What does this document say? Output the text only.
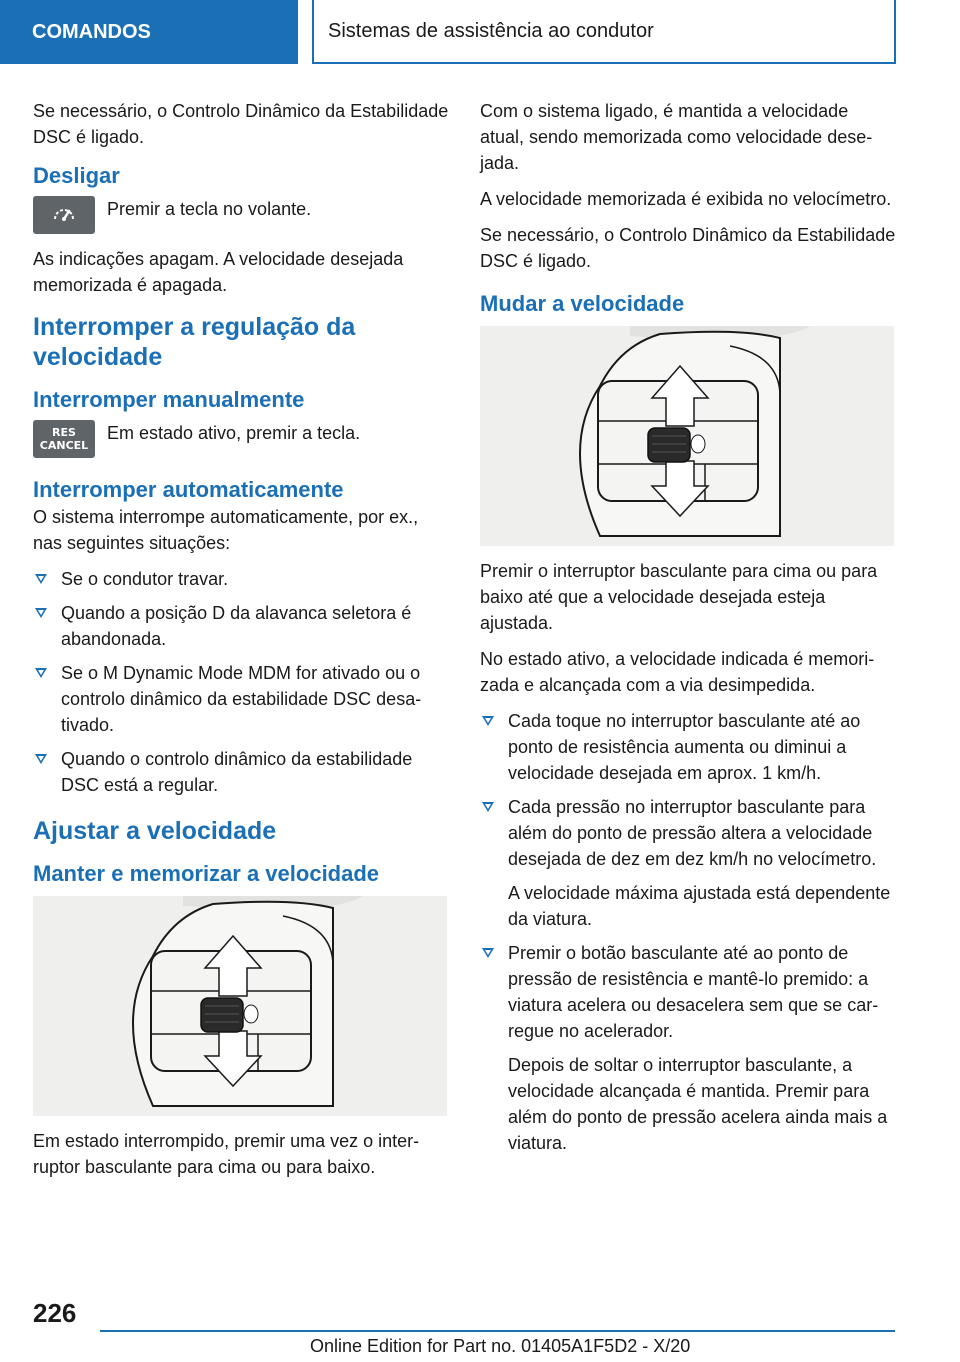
COMANDOS	Sistemas de assistência ao condutor

Se necessário, o Controlo Dinâmico da Estabilidade DSC é ligado.

Desligar

Premir a tecla no volante.

As indicações apagam. A velocidade desejada memorizada é apagada.

Interromper a regulação da velocidade
Interromper manualmente
RES CANCEL

Em estado ativo, premir a tecla.

Interromper automaticamente

O sistema interrompe automaticamente, por ex., nas seguintes situações:

Se o condutor travar.
Quando a posição D da alavanca seletora é abandonada.
Se o M Dynamic Mode MDM for ativado ou o controlo dinâmico da estabilidade DSC desativado.
Quando o controlo dinâmico da estabilidade DSC está a regular.
Ajustar a velocidade
Manter e memorizar a velocidade

Em estado interrompido, premir uma vez o interruptor basculante para cima ou para baixo.

Com o sistema ligado, é mantida a velocidade atual, sendo memorizada como velocidade desejada.

A velocidade memorizada é exibida no velocímetro.

Se necessário, o Controlo Dinâmico da Estabilidade DSC é ligado.

Mudar a velocidade

Premir o interruptor basculante para cima ou para baixo até que a velocidade desejada esteja ajustada.

No estado ativo, a velocidade indicada é memorizada e alcançada com a via desimpedida.

Cada toque no interruptor basculante até ao ponto de resistência aumenta ou diminui a velocidade desejada em aprox. 1 km/h.
Cada pressão no interruptor basculante para além do ponto de pressão altera a velocidade desejada de dez em dez km/h no velocímetro.
A velocidade máxima ajustada está dependente da viatura.
Premir o botão basculante até ao ponto de pressão de resistência e mantê-lo premido: a viatura acelera ou desacelera sem que se carregue no acelerador.
Depois de soltar o interruptor basculante, a velocidade alcançada é mantida. Premir para além do ponto de pressão acelera ainda mais a viatura.
226
Online Edition for Part no. 01405A1F5D2 - X/20
